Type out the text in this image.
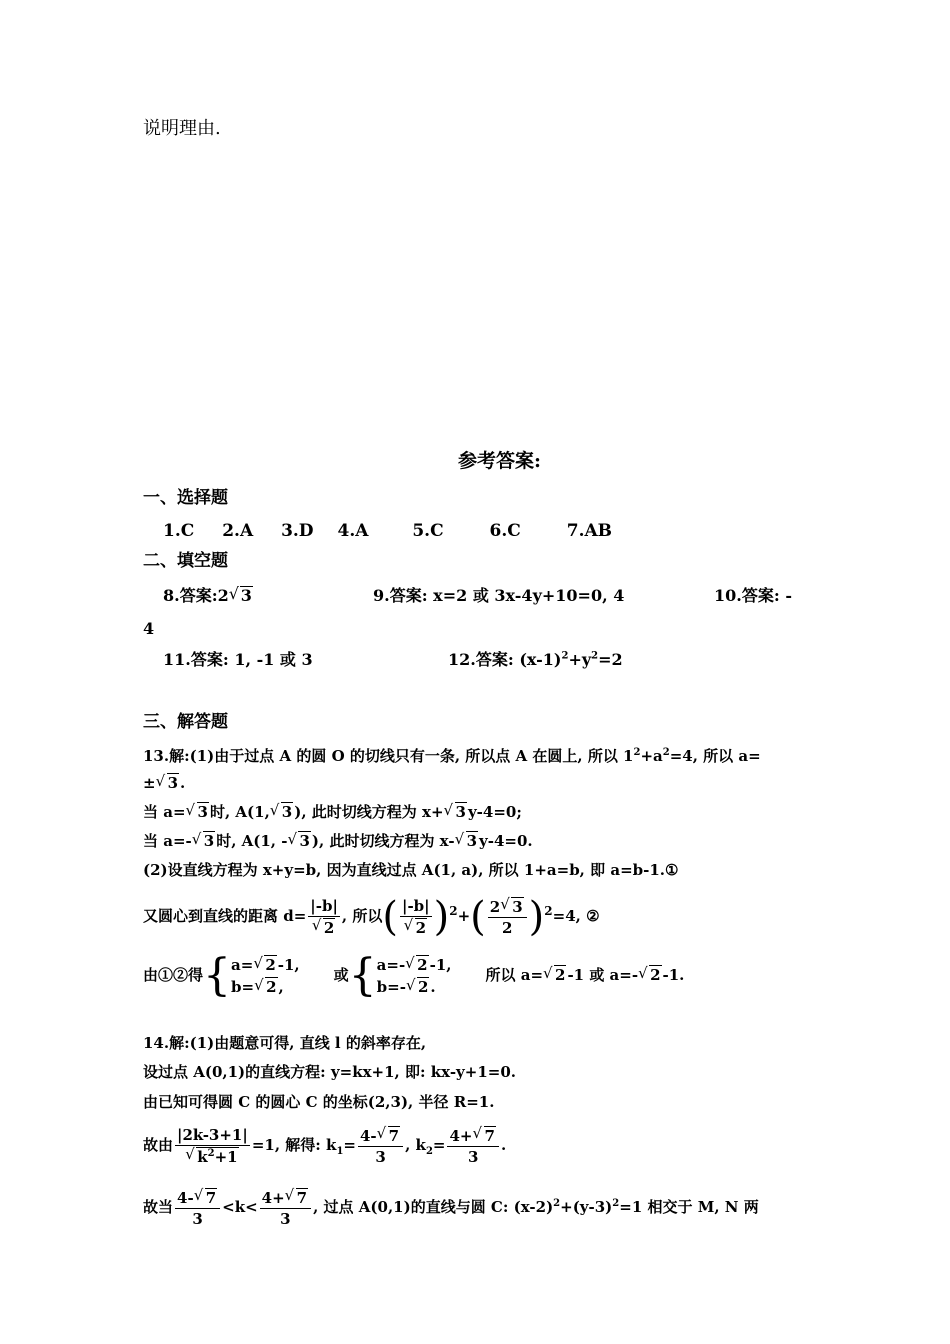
说明理由.
参考答案:
一、选择题
1.C 2.A 3.D 4.A	5.C	6.C	7.AB
二、填空题
8.答案:2 √ 3	9.答案: x=2 或 3x-4y+10=0, 4	10.答案: -
4
11.答案: 1, -1 或 3	12.答案: $(x-1)^2+y^2=2$
三、解答题
13.解:(1)由于过点 A 的圆 O 的切线只有一条, 所以点 A 在圆上, 所以 $1^2+a^2=4$, 所以 a=
± √ 3 .
当 a= √ 3 时, A(1, √ 3 ), 此时切线方程为 x+ √ 3 y-4=0;
当 a=- √ 3 时, A(1, - √ 3 ), 此时切线方程为 x- √ 3 y-4=0.
(2)设直线方程为 x+y=b, 因为直线过点 A(1, a), 所以 1+a=b, 即 a=b-1.①
又圆心到直线的距离 d= |-b|
√ 2 , 所以( |-b|
√ 2 )$^2+( \frac{2 √ 3}{2} )^2=4$, ②
由①②得{ a= √ 2 -1,
b= √ 2 ,
或{ a=- √ 2 -1,
b=- √ 2 .
所以 a= √ 2 -1 或 a=- √ 2 -1.
14.解:(1)由题意可得, 直线 l 的斜率存在,
设过点 A(0,1)的直线方程: y=kx+1, 即: kx-y+1=0.
由已知可得圆 C 的圆心 C 的坐标(2,3), 半径 R=1.
故由 |2k-3+1|
√ $k^2+1 =1$, 解得: $k_1= \frac{4- √ 7}{3}$ , $k_2= \frac{4+ √ 7}{3}$ .
故当 $\frac{4- √ 7}{3} <k< \frac{4+ √ 7}{3}$ , 过点 A(0,1)的直线与圆 C: $(x-2)^2+(y-3)^2=1$ 相交于 M, N 两
